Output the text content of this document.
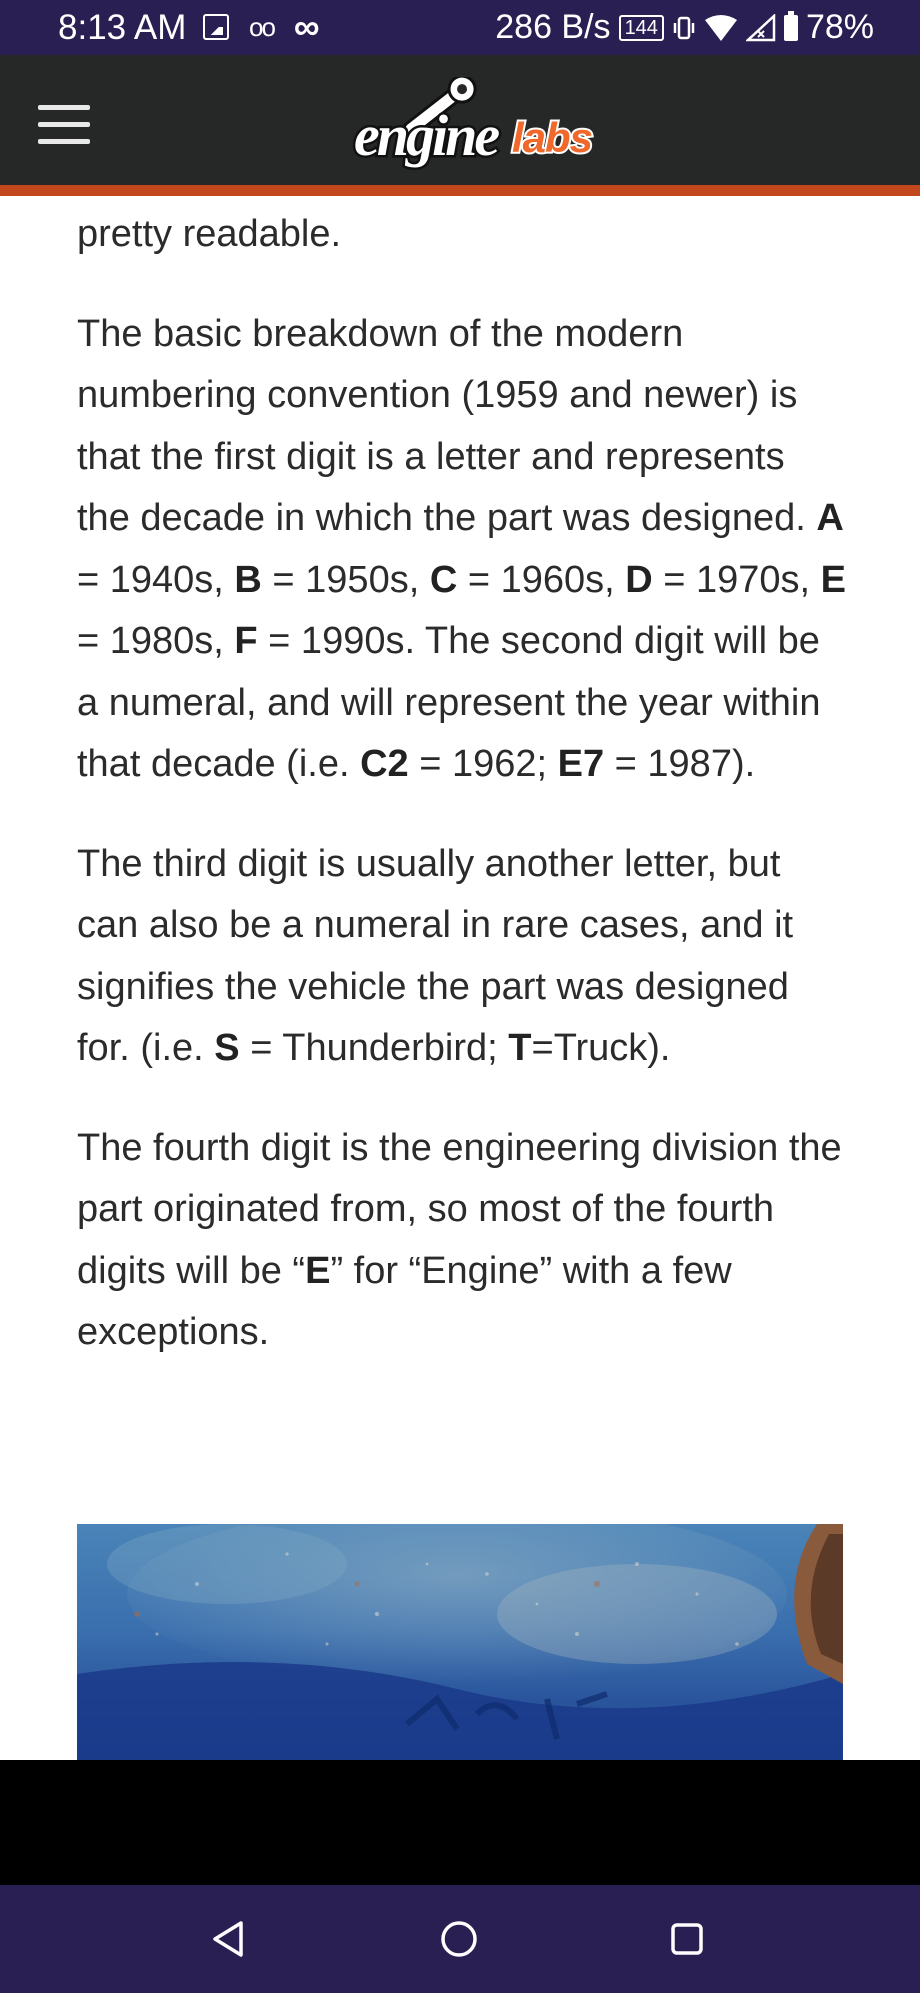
8:13 AM oo ∞	286 B/s 144	78%
engine labs

pretty readable.

The basic breakdown of the modern numbering convention (1959 and newer) is that the first digit is a letter and represents the decade in which the part was designed. A = 1940s, B = 1950s, C = 1960s, D = 1970s, E = 1980s, F = 1990s. The second digit will be a numeral, and will represent the year within that decade (i.e. C2 = 1962; E7 = 1987).

The third digit is usually another letter, but can also be a numeral in rare cases, and it signifies the vehicle the part was designed for. (i.e. S = Thunderbird; T=Truck).

The fourth digit is the engineering division the part originated from, so most of the fourth digits will be “E” for “Engine” with a few exceptions.
